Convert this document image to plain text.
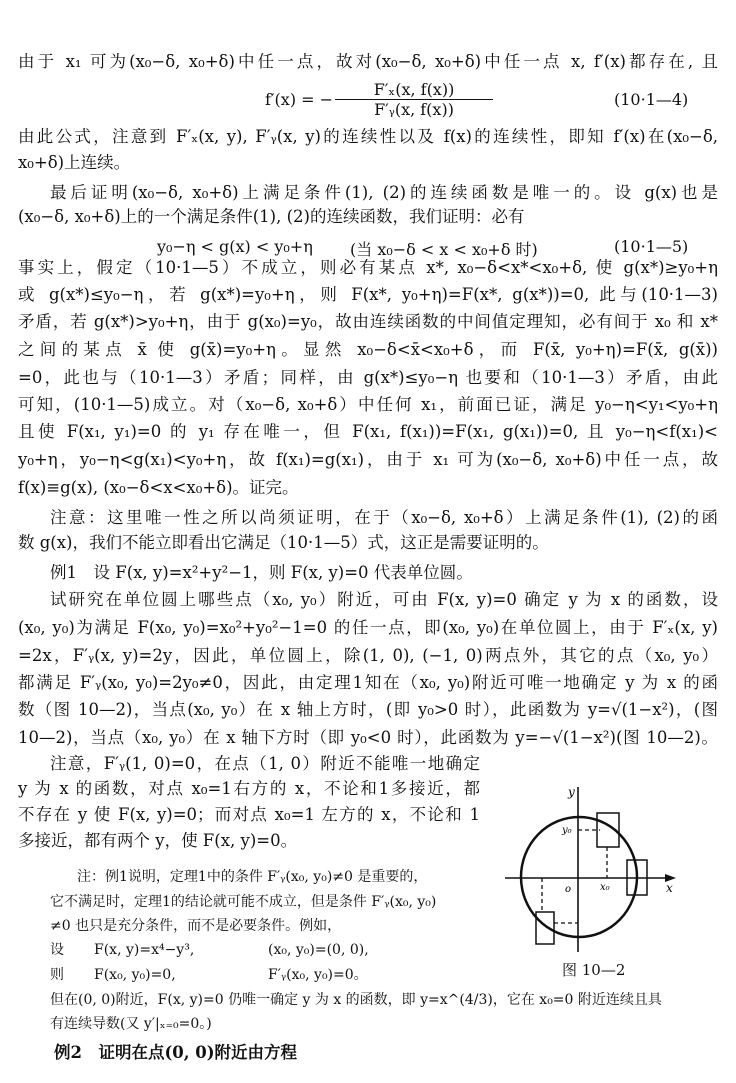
由于 x₁ 可为(x₀−δ, x₀+δ)中任一点，故对(x₀−δ, x₀+δ)中任一点 x, f′(x)都存在, 且
f′(x) = −
F′ₓ(x, f(x))
F′ᵧ(x, f(x))
(10·1—4)
由此公式，注意到 F′ₓ(x, y), F′ᵧ(x, y)的连续性以及 f(x)的连续性，即知 f′(x)在(x₀−δ,
x₀+δ)上连续。
最后证明(x₀−δ, x₀+δ)上满足条件(1), (2)的连续函数是唯一的。设 g(x)也是
(x₀−δ, x₀+δ)上的一个满足条件(1), (2)的连续函数，我们证明：必有
y₀−η < g(x) < y₀+η (当 x₀−δ < x < x₀+δ 时)	(10·1—5)
事实上，假定（10·1—5）不成立，则必有某点 x*, x₀−δ<x*<x₀+δ, 使 g(x*)≥y₀+η
或 g(x*)≤y₀−η，若 g(x*)=y₀+η，则 F(x*, y₀+η)=F(x*, g(x*))=0, 此与(10·1—3)
矛盾，若 g(x*)>y₀+η，由于 g(x₀)=y₀，故由连续函数的中间值定理知，必有间于 x₀ 和 x*
之间的某点 x̄ 使 g(x̄)=y₀+η。显然 x₀−δ<x̄<x₀+δ，而 F(x̄, y₀+η)=F(x̄, g(x̄))
=0，此也与（10·1—3）矛盾；同样，由 g(x*)≤y₀−η 也要和（10·1—3）矛盾，由此
可知，(10·1—5)成立。对（x₀−δ, x₀+δ）中任何 x₁，前面已证，满足 y₀−η<y₁<y₀+η
且使 F(x₁, y₁)=0 的 y₁ 存在唯一，但 F(x₁, f(x₁))=F(x₁, g(x₁))=0, 且 y₀−η<f(x₁)<
y₀+η，y₀−η<g(x₁)<y₀+η，故 f(x₁)=g(x₁)，由于 x₁ 可为(x₀−δ, x₀+δ)中任一点，故
f(x)≡g(x), (x₀−δ<x<x₀+δ)。证完。
注意：这里唯一性之所以尚须证明，在于（x₀−δ, x₀+δ）上满足条件(1), (2)的函
数 g(x)，我们不能立即看出它满足（10·1—5）式，这正是需要证明的。
例1　设 F(x, y)=x²+y²−1，则 F(x, y)=0 代表单位圆。
试研究在单位圆上哪些点（x₀, y₀）附近，可由 F(x, y)=0 确定 y 为 x 的函数，设
(x₀, y₀)为满足 F(x₀, y₀)=x₀²+y₀²−1=0 的任一点，即(x₀, y₀)在单位圆上，由于 F′ₓ(x, y)
=2x，F′ᵧ(x, y)=2y，因此，单位圆上，除(1, 0), (−1, 0)两点外，其它的点（x₀, y₀）
都满足 F′ᵧ(x₀, y₀)=2y₀≠0，因此，由定理1知在（x₀, y₀)附近可唯一地确定 y 为 x 的函
数（图 10—2)，当点(x₀, y₀）在 x 轴上方时，(即 y₀>0 时），此函数为 y=√(1−x²)，(图
10—2)，当点（x₀, y₀）在 x 轴下方时（即 y₀<0 时），此函数为 y=−√(1−x²)(图 10—2)。
注意，F′ᵧ(1, 0)=0，在点（1, 0）附近不能唯一地确定
y 为 x 的函数，对点 x₀=1右方的 x，不论和1多接近，都
不存在 y 使 F(x, y)=0；而对点 x₀=1 左方的 x，不论和 1
多接近，都有两个 y，使 F(x, y)=0。
注：例1说明，定理1中的条件 F′ᵧ(x₀, y₀)≠0 是重要的，
它不满足时，定理1的结论就可能不成立，但是条件 F′ᵧ(x₀, y₀)
≠0 也只是充分条件，而不是必要条件。例如，
设 F(x, y)=x⁴−y³,	(x₀, y₀)=(0, 0),
则 F(x₀, y₀)=0,	F′ᵧ(x₀, y₀)=0。
但在(0, 0)附近，F(x, y)=0 仍唯一确定 y 为 x 的函数，即 y=x^(4/3)，它在 x₀=0 附近连续且具
有连续导数(又 y′|ₓ₌₀=0。)
例2　证明在点(0, 0)附近由方程
y
y₀
o	x₀	x
图 10—2
